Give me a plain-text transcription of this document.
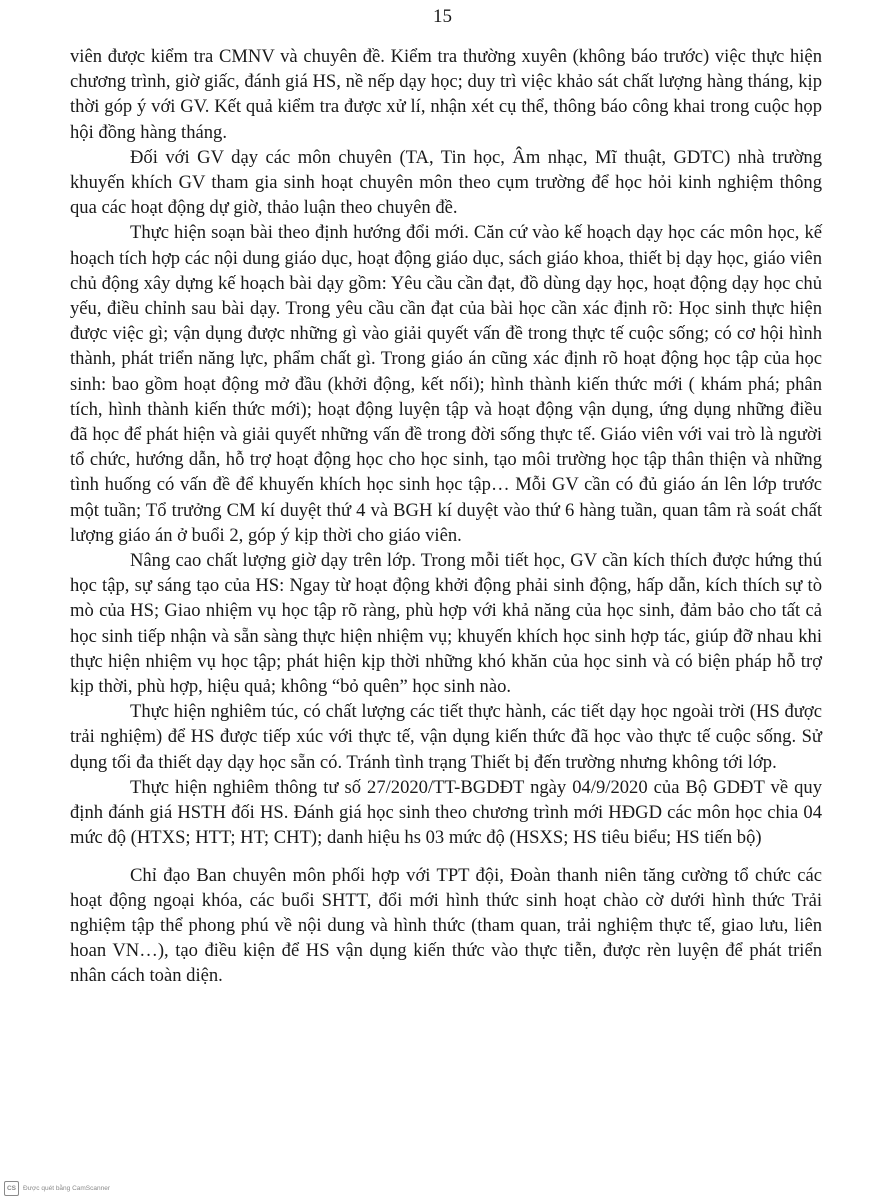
15

viên được kiểm tra CMNV và chuyên đề. Kiểm tra thường xuyên (không báo trước) việc thực hiện chương trình, giờ giấc, đánh giá HS, nề nếp dạy học; duy trì việc khảo sát chất lượng hàng tháng, kịp thời góp ý với GV. Kết quả kiểm tra được xử lí, nhận xét cụ thể, thông báo công khai trong cuộc họp hội đồng hàng tháng.

Đối với GV dạy các môn chuyên (TA, Tin học, Âm nhạc, Mĩ thuật, GDTC) nhà trường khuyến khích GV tham gia sinh hoạt chuyên môn theo cụm trường để học hỏi kinh nghiệm thông qua các hoạt động dự giờ, thảo luận theo chuyên đề.

Thực hiện soạn bài theo định hướng đổi mới. Căn cứ vào kế hoạch dạy học các môn học, kế hoạch tích hợp các nội dung giáo dục, hoạt động giáo dục, sách giáo khoa, thiết bị dạy học, giáo viên chủ động xây dựng kế hoạch bài dạy gồm: Yêu cầu cần đạt, đồ dùng dạy học, hoạt động dạy học chủ yếu, điều chỉnh sau bài dạy. Trong yêu cầu cần đạt của bài học cần xác định rõ: Học sinh thực hiện được việc gì; vận dụng được những gì vào giải quyết vấn đề trong thực tế cuộc sống; có cơ hội hình thành, phát triển năng lực, phẩm chất gì. Trong giáo án cũng xác định rõ hoạt động học tập của học sinh: bao gồm hoạt động mở đầu (khởi động, kết nối); hình thành kiến thức mới ( khám phá; phân tích, hình thành kiến thức mới); hoạt động luyện tập và hoạt động vận dụng, ứng dụng những điều đã học để phát hiện và giải quyết những vấn đề trong đời sống thực tế. Giáo viên với vai trò là người tổ chức, hướng dẫn, hỗ trợ hoạt động học cho học sinh, tạo môi trường học tập thân thiện và những tình huống có vấn đề để khuyến khích học sinh học tập… Mỗi GV cần có đủ giáo án lên lớp trước một tuần; Tổ trưởng CM kí duyệt thứ 4 và BGH kí duyệt vào thứ 6 hàng tuần, quan tâm rà soát chất lượng giáo án ở buổi 2, góp ý kịp thời cho giáo viên.

Nâng cao chất lượng giờ dạy trên lớp. Trong mỗi tiết học, GV cần kích thích được hứng thú học tập, sự sáng tạo của HS: Ngay từ hoạt động khởi động phải sinh động, hấp dẫn, kích thích sự tò mò của HS; Giao nhiệm vụ học tập rõ ràng, phù hợp với khả năng của học sinh, đảm bảo cho tất cả học sinh tiếp nhận và sẵn sàng thực hiện nhiệm vụ; khuyến khích học sinh hợp tác, giúp đỡ nhau khi thực hiện nhiệm vụ học tập; phát hiện kịp thời những khó khăn của học sinh và có biện pháp hỗ trợ kịp thời, phù hợp, hiệu quả; không “bỏ quên” học sinh nào.

Thực hiện nghiêm túc, có chất lượng các tiết thực hành, các tiết dạy học ngoài trời (HS được trải nghiệm) để HS được tiếp xúc với thực tế, vận dụng kiến thức đã học vào thực tế cuộc sống. Sử dụng tối đa thiết dạy dạy học sẵn có. Tránh tình trạng Thiết bị đến trường nhưng không tới lớp.

Thực hiện nghiêm thông tư số 27/2020/TT-BGDĐT ngày 04/9/2020 của Bộ GDĐT về quy định đánh giá HSTH đối HS. Đánh giá học sinh theo chương trình mới HĐGD các môn học chia 04 mức độ (HTXS; HTT; HT; CHT); danh hiệu hs 03 mức độ (HSXS; HS tiêu biểu; HS tiến bộ)

Chỉ đạo Ban chuyên môn phối hợp với TPT đội, Đoàn thanh niên tăng cường tổ chức các hoạt động ngoại khóa, các buổi SHTT, đổi mới hình thức sinh hoạt chào cờ dưới hình thức Trải nghiệm tập thể phong phú về nội dung và hình thức (tham quan, trải nghiệm thực tế, giao lưu, liên hoan VN…), tạo điều kiện để HS vận dụng kiến thức vào thực tiễn, được rèn luyện để phát triển nhân cách toàn diện.

CS	Được quét bằng CamScanner
